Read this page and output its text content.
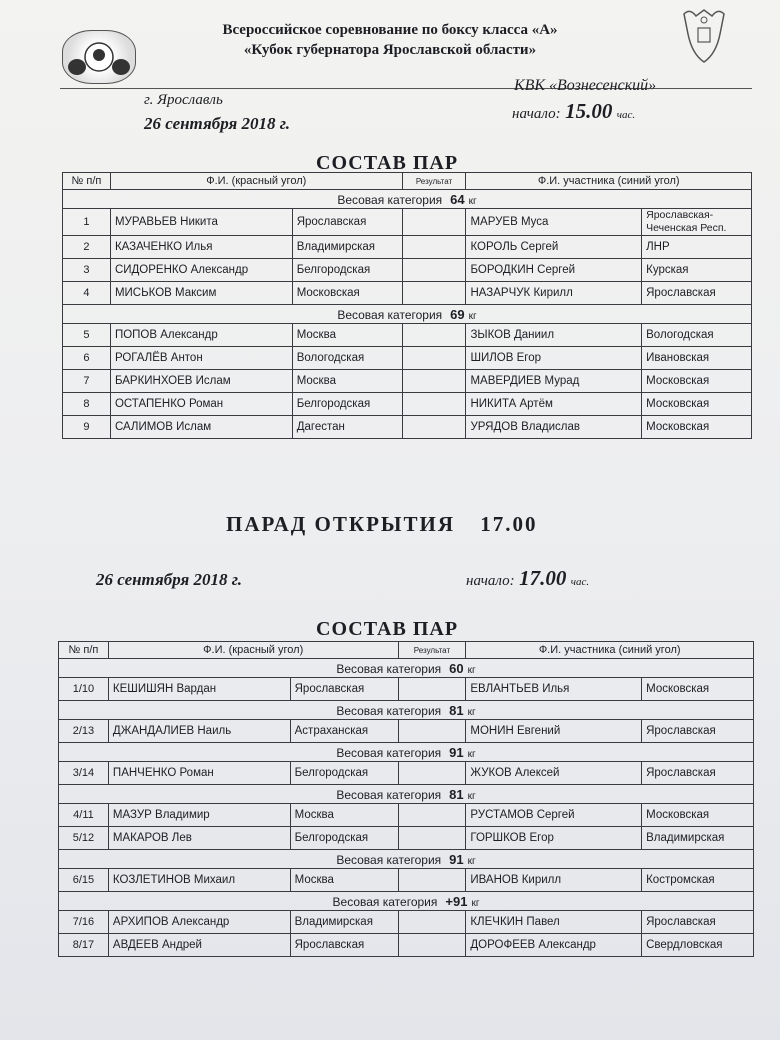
Всероссийское соревнование по боксу класса «А»
«Кубок губернатора Ярославской области»
г. Ярославль
26 сентября 2018 г.
КВК «Вознесенский»
начало: 15.00 час.
СОСТАВ ПАР
№ п/п	Ф.И. (красный угол)		Результат	Ф.И. участника (синий угол)	
Весовая категория 64 кг					
1	МУРАВЬЕВ Никита	Ярославская		МАРУЕВ Муса	Ярославская-Чеченская Респ.
2	КАЗАЧЕНКО Илья	Владимирская		КОРОЛЬ Сергей	ЛНР
3	СИДОРЕНКО Александр	Белгородская		БОРОДКИН Сергей	Курская
4	МИСЬКОВ Максим	Московская		НАЗАРЧУК Кирилл	Ярославская
Весовая категория 69 кг					
5	ПОПОВ Александр	Москва		ЗЫКОВ Даниил	Вологодская
6	РОГАЛЁВ Антон	Вологодская		ШИЛОВ Егор	Ивановская
7	БАРКИНХОЕВ Ислам	Москва		МАВЕРДИЕВ Мурад	Московская
8	ОСТАПЕНКО Роман	Белгородская		НИКИТА Артём	Московская
9	САЛИМОВ Ислам	Дагестан		УРЯДОВ Владислав	Московская
ПАРАД ОТКРЫТИЯ 17.00
26 сентября 2018 г.	начало: 17.00 час.
СОСТАВ ПАР
№ п/п	Ф.И. (красный угол)		Результат	Ф.И. участника (синий угол)	
Весовая категория 60 кг					
1/10	КЕШИШЯН Вардан	Ярославская		ЕВЛАНТЬЕВ Илья	Московская
Весовая категория 81 кг					
2/13	ДЖАНДАЛИЕВ Наиль	Астраханская		МОНИН Евгений	Ярославская
Весовая категория 91 кг					
3/14	ПАНЧЕНКО Роман	Белгородская		ЖУКОВ Алексей	Ярославская
Весовая категория 81 кг					
4/11	МАЗУР Владимир	Москва		РУСТАМОВ Сергей	Московская
5/12	МАКАРОВ Лев	Белгородская		ГОРШКОВ Егор	Владимирская
Весовая категория 91 кг					
6/15	КОЗЛЕТИНОВ Михаил	Москва		ИВАНОВ Кирилл	Костромская
Весовая категория +91 кг					
7/16	АРХИПОВ Александр	Владимирская		КЛЕЧКИН Павел	Ярославская
8/17	АВДЕЕВ Андрей	Ярославская		ДОРОФЕЕВ Александр	Свердловская
